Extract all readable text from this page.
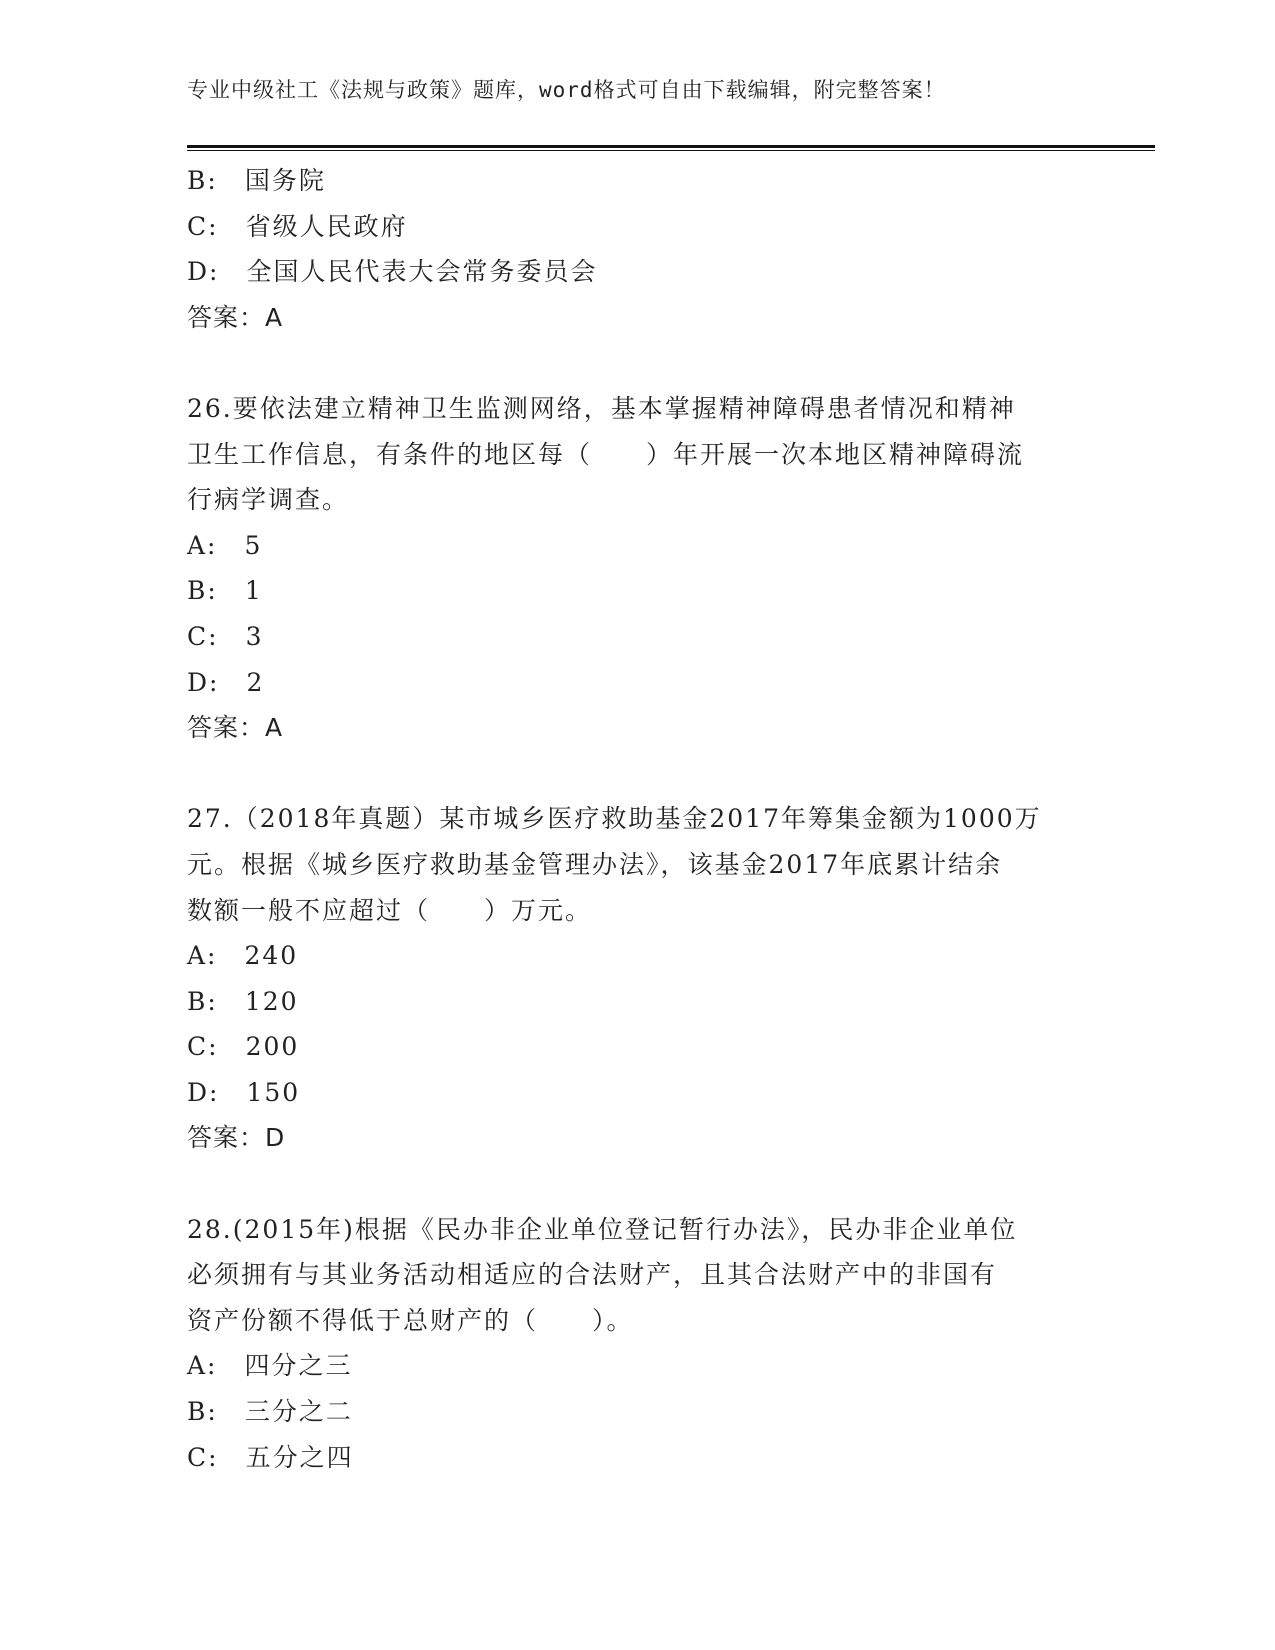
专业中级社工《法规与政策》题库，word格式可自由下载编辑，附完整答案！
B:　 国务院
C:　 省级人民政府
D:　 全国人民代表大会常务委员会
答案：A
26.要依法建立精神卫生监测网络，基本掌握精神障碍患者情况和精神
卫生工作信息，有条件的地区每（　　）年开展一次本地区精神障碍流
行病学调查。
A:　 5
B:　 1
C:　 3
D:　 2
答案：A
27.（2018年真题）某市城乡医疗救助基金2017年筹集金额为1000万
元。根据《城乡医疗救助基金管理办法》，该基金2017年底累计结余
数额一般不应超过（　　）万元。
A:　 240
B:　 120
C:　 200
D:　 150
答案：D
28.(2015年)根据《民办非企业单位登记暂行办法》，民办非企业单位
必须拥有与其业务活动相适应的合法财产，且其合法财产中的非国有
资产份额不得低于总财产的（　　）。
A:　 四分之三
B:　 三分之二
C:　 五分之四
